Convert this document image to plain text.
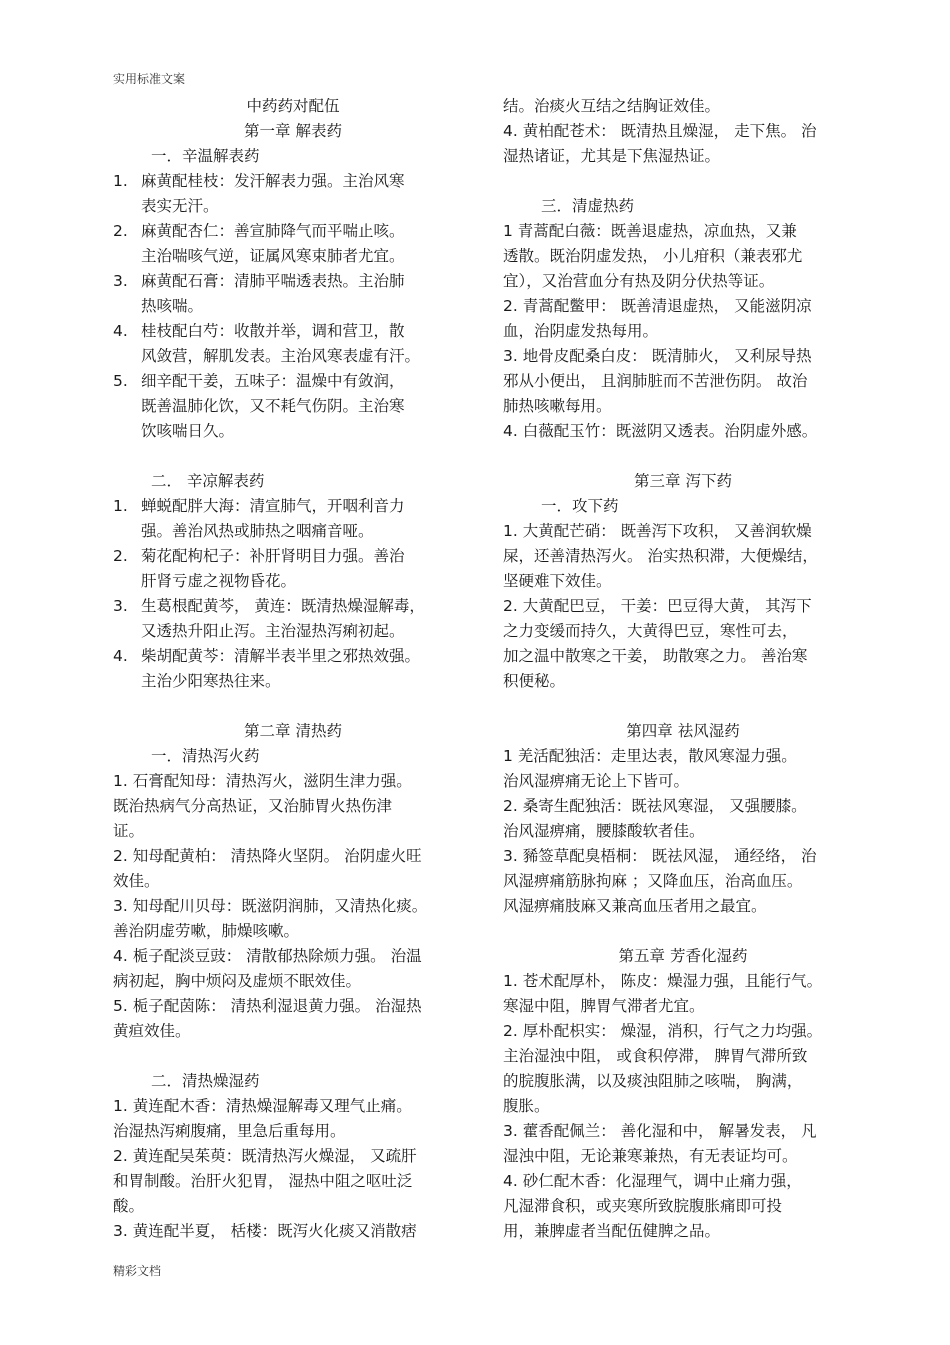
实用标准文案
中药药对配伍
第一章 解表药
一．辛温解表药
1. 麻黄配桂枝：发汗解表力强。主治风寒
表实无汗。
2. 麻黄配杏仁：善宣肺降气而平喘止咳。
主治喘咳气逆，证属风寒束肺者尤宜。
3. 麻黄配石膏：清肺平喘透表热。主治肺
热咳喘。
4. 桂枝配白芍：收散并举，调和营卫，散
风敛营，解肌发表。主治风寒表虚有汗。
5. 细辛配干姜，五味子：温燥中有敛润，
既善温肺化饮，又不耗气伤阴。主治寒
饮咳喘日久。
二． 辛凉解表药
1. 蝉蜕配胖大海：清宣肺气，开咽利音力
强。善治风热或肺热之咽痛音哑。
2. 菊花配枸杞子：补肝肾明目力强。善治
肝肾亏虚之视物昏花。
3. 生葛根配黄芩， 黄连：既清热燥湿解毒，
又透热升阳止泻。主治湿热泻痢初起。
4. 柴胡配黄芩：清解半表半里之邪热效强。
主治少阳寒热往来。
第二章 清热药
一．清热泻火药
1. 石膏配知母：清热泻火，滋阴生津力强。
既治热病气分高热证，又治肺胃火热伤津
证。
2. 知母配黄柏： 清热降火坚阴。 治阴虚火旺
效佳。
3. 知母配川贝母：既滋阴润肺，又清热化痰。
善治阴虚劳嗽，肺燥咳嗽。
4. 栀子配淡豆豉： 清散郁热除烦力强。 治温
病初起，胸中烦闷及虚烦不眠效佳。
5. 栀子配茵陈： 清热利湿退黄力强。 治湿热
黄疸效佳。
二．清热燥湿药
1. 黄连配木香：清热燥湿解毒又理气止痛。
治湿热泻痢腹痛，里急后重每用。
2. 黄连配吴茱萸：既清热泻火燥湿， 又疏肝
和胃制酸。治肝火犯胃， 湿热中阻之呕吐泛
酸。
3. 黄连配半夏， 栝楼：既泻火化痰又消散痞
结。治痰火互结之结胸证效佳。
4. 黄柏配苍术： 既清热且燥湿， 走下焦。 治
湿热诸证，尤其是下焦湿热证。
三．清虚热药
1 青蒿配白薇：既善退虚热，凉血热，又兼
透散。既治阴虚发热， 小儿疳积（兼表邪尤
宜），又治营血分有热及阴分伏热等证。
2. 青蒿配鳖甲： 既善清退虚热， 又能滋阴凉
血，治阴虚发热每用。
3. 地骨皮配桑白皮： 既清肺火， 又利尿导热
邪从小便出， 且润肺脏而不苦泄伤阴。 故治
肺热咳嗽每用。
4. 白薇配玉竹：既滋阴又透表。治阴虚外感。
第三章 泻下药
一．攻下药
1. 大黄配芒硝： 既善泻下攻积， 又善润软燥
屎，还善清热泻火。 治实热积滞，大便燥结，
坚硬难下效佳。
2. 大黄配巴豆， 干姜：巴豆得大黄， 其泻下
之力变缓而持久，大黄得巴豆，寒性可去，
加之温中散寒之干姜， 助散寒之力。 善治寒
积便秘。
第四章 祛风湿药
1 羌活配独活：走里达表，散风寒湿力强。
治风湿痹痛无论上下皆可。
2. 桑寄生配独活：既祛风寒湿， 又强腰膝。
治风湿痹痛，腰膝酸软者佳。
3. 豨签草配臭梧桐： 既祛风湿， 通经络， 治
风湿痹痛筋脉拘麻 ；又降血压，治高血压。
风湿痹痛肢麻又兼高血压者用之最宜。
第五章 芳香化湿药
1. 苍术配厚朴， 陈皮：燥湿力强，且能行气。
寒湿中阻，脾胃气滞者尤宜。
2. 厚朴配枳实： 燥湿，消积，行气之力均强。
主治湿浊中阻， 或食积停滞， 脾胃气滞所致
的脘腹胀满，以及痰浊阻肺之咳喘， 胸满，
腹胀。
3. 藿香配佩兰： 善化湿和中， 解暑发表， 凡
湿浊中阻，无论兼寒兼热，有无表证均可。
4. 砂仁配木香：化湿理气，调中止痛力强，
凡湿滞食积，或夹寒所致脘腹胀痛即可投
用，兼脾虚者当配伍健脾之品。
精彩文档
